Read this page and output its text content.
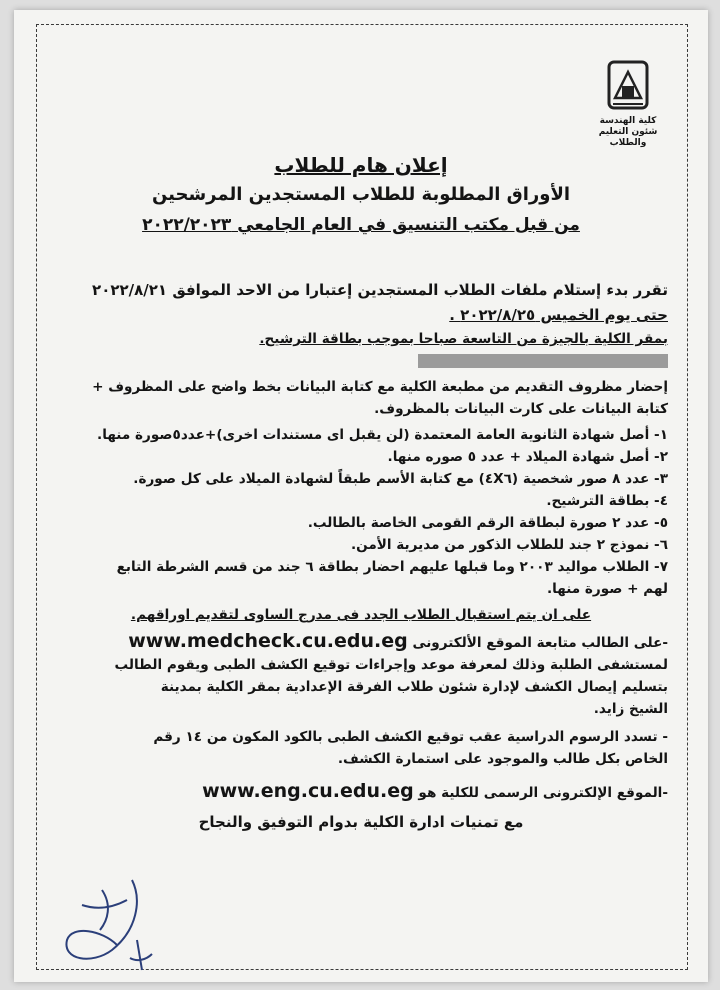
كلية الهندسة
شئون التعليم والطلاب
إعلان هام للطلاب
الأوراق المطلوبة للطلاب المستجدين المرشحين
من قبل مكتب التنسيق في العام الجامعي ٢٠٢٢/٢٠٢٣

تقرر بدء إستلام ملفات الطلاب المستجدين إعتبارا من الاحد الموافق ٢٠٢٢/٨/٢١

حتى يوم الخميس ٢٠٢٢/٨/٢٥ .

بمقر الكلية بالجيزة من التاسعة صباحا بموجب بطاقة الترشيح.

إحضار مظروف التقديم من مطبعة الكلية مع كتابة البيانات بخط واضح على المظروف +

كتابة البيانات على كارت البيانات بالمظروف.

١- أصل شهادة الثانوية العامة المعتمدة (لن يقبل اى مستندات اخرى)+عدد٥صورة منها.

٢- أصل شهادة الميلاد + عدد ٥ صوره منها.

٣- عدد ٨ صور شخصية (٤X٦) مع كتابة الأسم طبقاً لشهادة الميلاد على كل صورة.

٤- بطاقة الترشيح.

٥- عدد ٢ صورة لبطاقة الرقم القومى الخاصة بالطالب.

٦- نموذج ٢ جند للطلاب الذكور من مديرية الأمن.

٧- الطلاب مواليد ٢٠٠٣ وما قبلها عليهم احضار بطاقة ٦ جند من قسم الشرطة التابع

لهم + صورة منها.

على ان يتم استقبال الطلاب الجدد فى مدرج الساوى لتقديم اوراقهم.

-على الطالب متابعة الموقع الألكترونى www.medcheck.cu.edu.eg

لمستشفى الطلبة وذلك لمعرفة موعد وإجراءات توقيع الكشف الطبى ويقوم الطالب

بتسليم إيصال الكشف لإدارة شئون طلاب الفرقة الإعدادية بمقر الكلية بمدينة

الشيخ زايد.

- تسدد الرسوم الدراسية عقب توقيع الكشف الطبى بالكود المكون من ١٤ رقم

الخاص بكل طالب والموجود على استمارة الكشف.

-الموقع الإلكترونى الرسمى للكلية هو www.eng.cu.edu.eg

مع تمنيات ادارة الكلية بدوام التوفيق والنجاح
